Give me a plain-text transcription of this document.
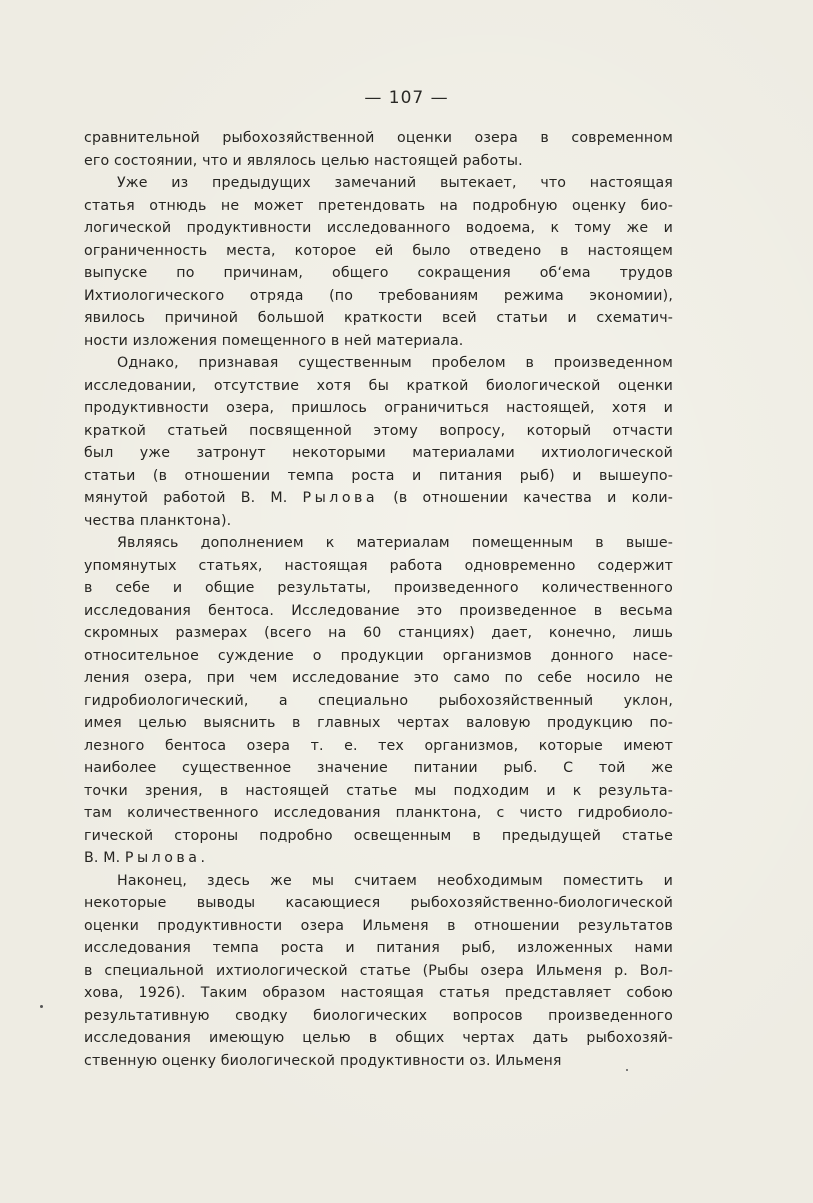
— 107 —
сравнительной рыбохозяйственной оценки озера в современном
его состоянии, что и являлось целью настоящей работы.
Уже из предыдущих замечаний вытекает, что настоящая
статья отнюдь не может претендовать на подробную оценку био-
логической продуктивности исследованного водоема, к тому же и
ограниченность места, которое ей было отведено в настоящем
выпуске по причинам, общего сокращения об‘ема трудов
Ихтиологического отряда (по требованиям режима экономии),
явилось причиной большой краткости всей статьи и схематич-
ности изложения помещенного в ней материала.
Однако, признавая существенным пробелом в произведенном
исследовании, отсутствие хотя бы краткой биологической оценки
продуктивности озера, пришлось ограничиться настоящей, хотя и
краткой статьей посвященной этому вопросу, который отчасти
был уже затронут некоторыми материалами ихтиологической
статьи (в отношении темпа роста и питания рыб) и вышеупо-
мянутой работой В. М. Рылова (в отношении качества и коли-
чества планктона).
Являясь дополнением к материалам помещенным в выше-
упомянутых статьях, настоящая работа одновременно содержит
в себе и общие результаты, произведенного количественного
исследования бентоса. Исследование это произведенное в весьма
скромных размерах (всего на 60 станциях) дает, конечно, лишь
относительное суждение о продукции организмов донного насе-
ления озера, при чем исследование это само по себе носило не
гидробиологический, а специально рыбохозяйственный уклон,
имея целью выяснить в главных чертах валовую продукцию по-
лезного бентоса озера т. е. тех организмов, которые имеют
наиболее существенное значение питании рыб. С той же
точки зрения, в настоящей статье мы подходим и к результа-
там количественного исследования планктона, с чисто гидробиоло-
гической стороны подробно освещенным в предыдущей статье
В. М. Рылова.
Наконец, здесь же мы считаем необходимым поместить и
некоторые выводы касающиеся рыбохозяйственно-биологической
оценки продуктивности озера Ильменя в отношении результатов
исследования темпа роста и питания рыб, изложенных нами
в специальной ихтиологической статье (Рыбы озера Ильменя р. Вол-
хова, 1926). Таким образом настоящая статья представляет собою
результативную сводку биологических вопросов произведенного
исследования имеющую целью в общих чертах дать рыбохозяй-
ственную оценку биологической продуктивности оз. Ильменя
